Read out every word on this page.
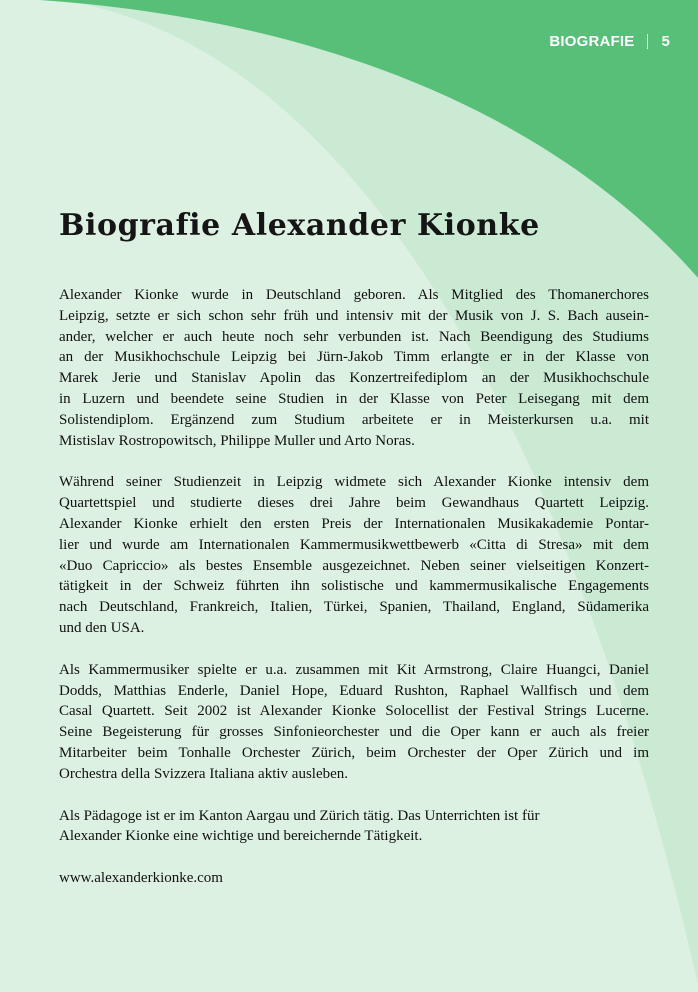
BIOGRAFIE 5
Biografie Alexander Kionke
Alexander Kionke wurde in Deutschland geboren. Als Mitglied des Thomanerchores
Leipzig, setzte er sich schon sehr früh und intensiv mit der Musik von J. S. Bach ausein-
ander, welcher er auch heute noch sehr verbunden ist. Nach Beendigung des Studiums
an der Musikhochschule Leipzig bei Jürn-Jakob Timm erlangte er in der Klasse von
Marek Jerie und Stanislav Apolin das Konzertreifediplom an der Musikhochschule
in Luzern und beendete seine Studien in der Klasse von Peter Leisegang mit dem
Solistendiplom. Ergänzend zum Studium arbeitete er in Meisterkursen u.a. mit
Mistislav Rostropowitsch, Philippe Muller und Arto Noras.
Während seiner Studienzeit in Leipzig widmete sich Alexander Kionke intensiv dem
Quartettspiel und studierte dieses drei Jahre beim Gewandhaus Quartett Leipzig.
Alexander Kionke erhielt den ersten Preis der Internationalen Musikakademie Pontar-
lier und wurde am Internationalen Kammermusikwettbewerb «Citta di Stresa» mit dem
«Duo Capriccio» als bestes Ensemble ausgezeichnet. Neben seiner vielseitigen Konzert-
tätigkeit in der Schweiz führten ihn solistische und kammermusikalische Engagements
nach Deutschland, Frankreich, Italien, Türkei, Spanien, Thailand, England, Südamerika
und den USA.
Als Kammermusiker spielte er u.a. zusammen mit Kit Armstrong, Claire Huangci, Daniel
Dodds, Matthias Enderle, Daniel Hope, Eduard Rushton, Raphael Wallfisch und dem
Casal Quartett. Seit 2002 ist Alexander Kionke Solocellist der Festival Strings Lucerne.
Seine Begeisterung für grosses Sinfonieorchester und die Oper kann er auch als freier
Mitarbeiter beim Tonhalle Orchester Zürich, beim Orchester der Oper Zürich und im
Orchestra della Svizzera Italiana aktiv ausleben.
Als Pädagoge ist er im Kanton Aargau und Zürich tätig. Das Unterrichten ist für
Alexander Kionke eine wichtige und bereichernde Tätigkeit.
www.alexanderkionke.com
